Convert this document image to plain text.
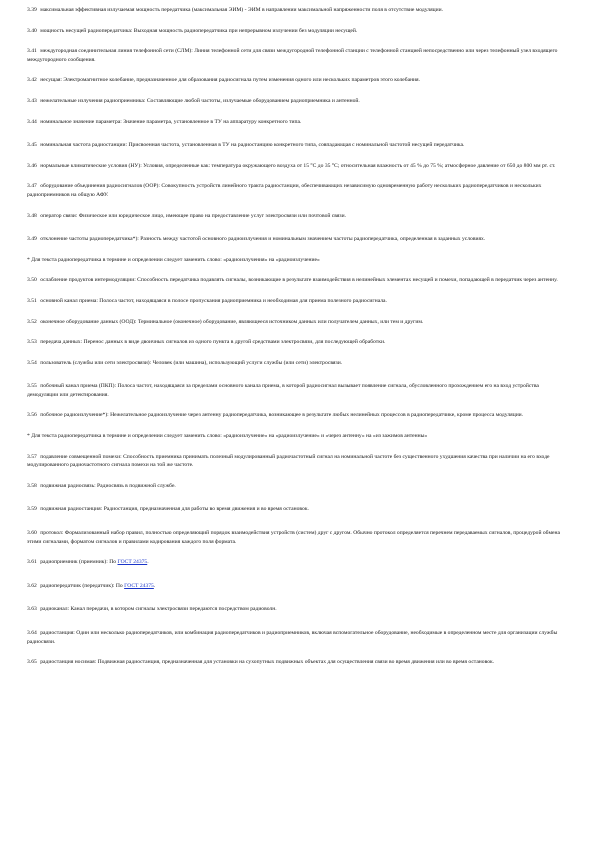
3.39 максимальная эффективная излучаемая мощность передатчика (максимальная ЭИМ) - ЭИМ в направлении максимальной напряженности поля в отсутствие модуляции.

3.40 мощность несущей радиопередатчика: Выходная мощность радиопередатчика при непрерывном излучении без модуляции несущей.

3.41 междугородная соединительная линия телефонной сети (СЛМ): Линия телефонной сети для связи междугородной телефонной станции с телефонной станцией непосредственно или через телефонный узел входящего междугородного сообщения.

3.42 несущая: Электромагнитное колебание, предназначенное для образования радиосигнала путем изменения одного или нескольких параметров этого колебания.

3.43 нежелательные излучения радиоприемника: Составляющие любой частоты, излучаемые оборудованием радиоприемника и антенной.

3.44 номинальное значение параметра: Значение параметра, установленное в ТУ на аппаратуру конкретного типа.

3.45 номинальная частота радиостанции: Присвоенная частота, установленная в ТУ на радиостанцию конкретного типа, совпадающая с номинальной частотой несущей передатчика.

3.46 нормальные климатические условия (НУ): Условия, определенные как: температура окружающего воздуха от 15 °С до 35 °С; относительная влажность от 45 % до 75 %; атмосферное давление от 650 до 800 мм рт. ст.

3.47 оборудование объединения радиосигналов (ООР): Совокупность устройств линейного тракта радиостанции, обеспечивающих независимую одновременную работу нескольких радиопередатчиков и нескольких радиоприемников на общую АФУ.

3.48 оператор связи: Физическое или юридическое лицо, имеющее право на предоставление услуг электросвязи или почтовой связи.

3.49 отклонение частоты радиопередатчика*): Разность между частотой основного радиоизлучения и номинальным значением частоты радиопередатчика, определенная в заданных условиях.

* Для текста радиопередатчика в термине и определении следует заменить слово: «радиоизлучения» на «радиоизлучение»

3.50 ослабление продуктов интермодуляции: Способность передатчика подавлять сигналы, возникающие в результате взаимодействия в нелинейных элементах несущей и помехи, попадающей в передатчик через антенну.

3.51 основной канал приема: Полоса частот, находящаяся в полосе пропускания радиоприемника и необходимая для приема полезного радиосигнала.

3.52 оконечное оборудование данных (ООД): Терминальное (оконечное) оборудование, являющееся источником данных или получателем данных, или тем и другим.

3.53 передача данных: Перенос данных в виде двоичных сигналов из одного пункта в другой средствами электросвязи, для последующей обработки.

3.54 пользователь (службы или сети электросвязи): Человек (или машина), использующий услуги службы (или сети) электросвязи.

3.55 побочный канал приема (ПКП): Полоса частот, находящаяся за пределами основного канала приема, в которой радиосигнал вызывает появление сигнала, обусловленного прохождением его на вход устройства демодуляции или детектирования.

3.56 побочное радиоизлучение*): Нежелательное радиоизлучение через антенну радиопередатчика, возникающее в результате любых нелинейных процессов в радиопередатчике, кроме процесса модуляции.

* Для текста радиопередатчика в термине и определении следует заменить слово: «радиоизлучение» на «радиоизлучение» и «через антенну» на «из зажимов антенны»

3.57 подавление совмещенной помехи: Способность приемника принимать полезный модулированный радиочастотный сигнал на номинальной частоте без существенного ухудшения качества при наличии на его входе модулированного радиочастотного сигнала помехи на той же частоте.

3.58 подвижная радиосвязь: Радиосвязь в подвижной службе.

3.59 подвижная радиостанция: Радиостанция, предназначенная для работы во время движения и во время остановок.

3.60 протокол: Формализованный набор правил, полностью определяющий порядок взаимодействия устройств (систем) друг с другом. Обычно протокол определяется перечнем передаваемых сигналов, процедурой обмена этими сигналами, форматом сигналов и правилами кодирования каждого поля формата.

3.61 радиоприемник (приемник): По ГОСТ 24375.

3.62 радиопередатчик (передатчик): По ГОСТ 24375.

3.63 радиоканал: Канал передачи, в котором сигналы электросвязи передаются посредством радиоволн.

3.64 радиостанция: Один или несколько радиопередатчиков, или комбинация радиопередатчиков и радиоприемников, включая вспомогательное оборудование, необходимые в определенном месте для организации службы радиосвязи.

3.65 радиостанция носимая: Подвижная радиостанция, предназначенная для установки на сухопутных подвижных объектах для осуществления связи во время движения или во время остановок.
